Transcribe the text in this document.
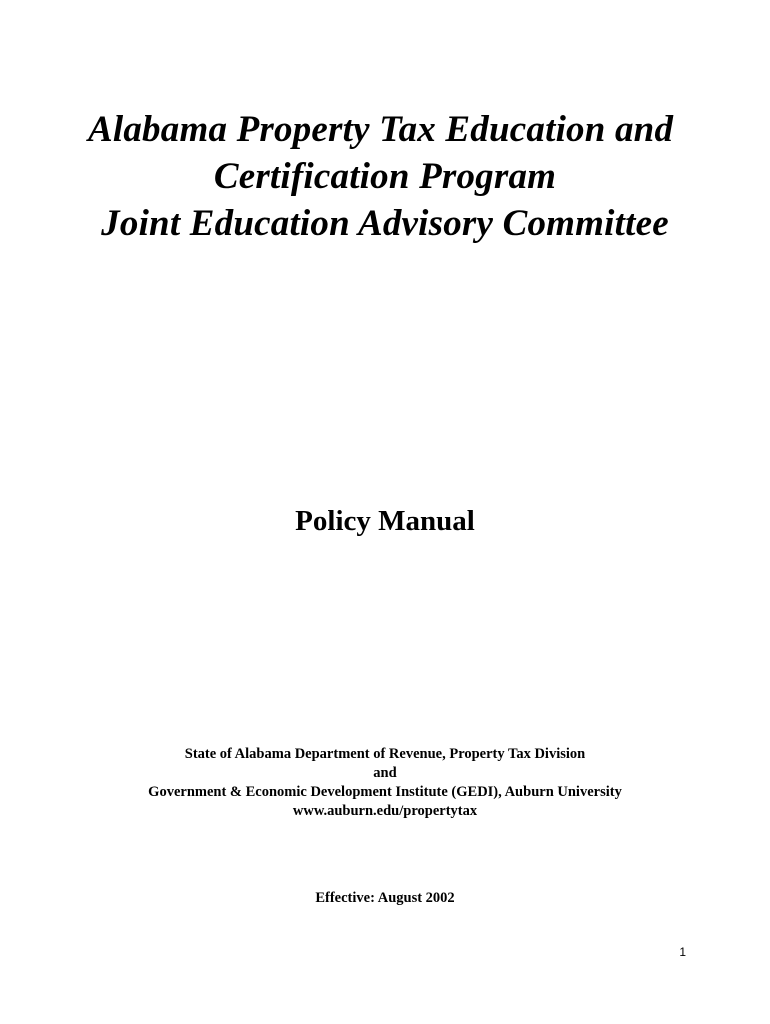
Alabama Property Tax Education and
Certification Program
Joint Education Advisory Committee
Policy Manual
State of Alabama Department of Revenue, Property Tax Division
and
Government & Economic Development Institute (GEDI), Auburn University
www.auburn.edu/propertytax
Effective: August 2002
1
